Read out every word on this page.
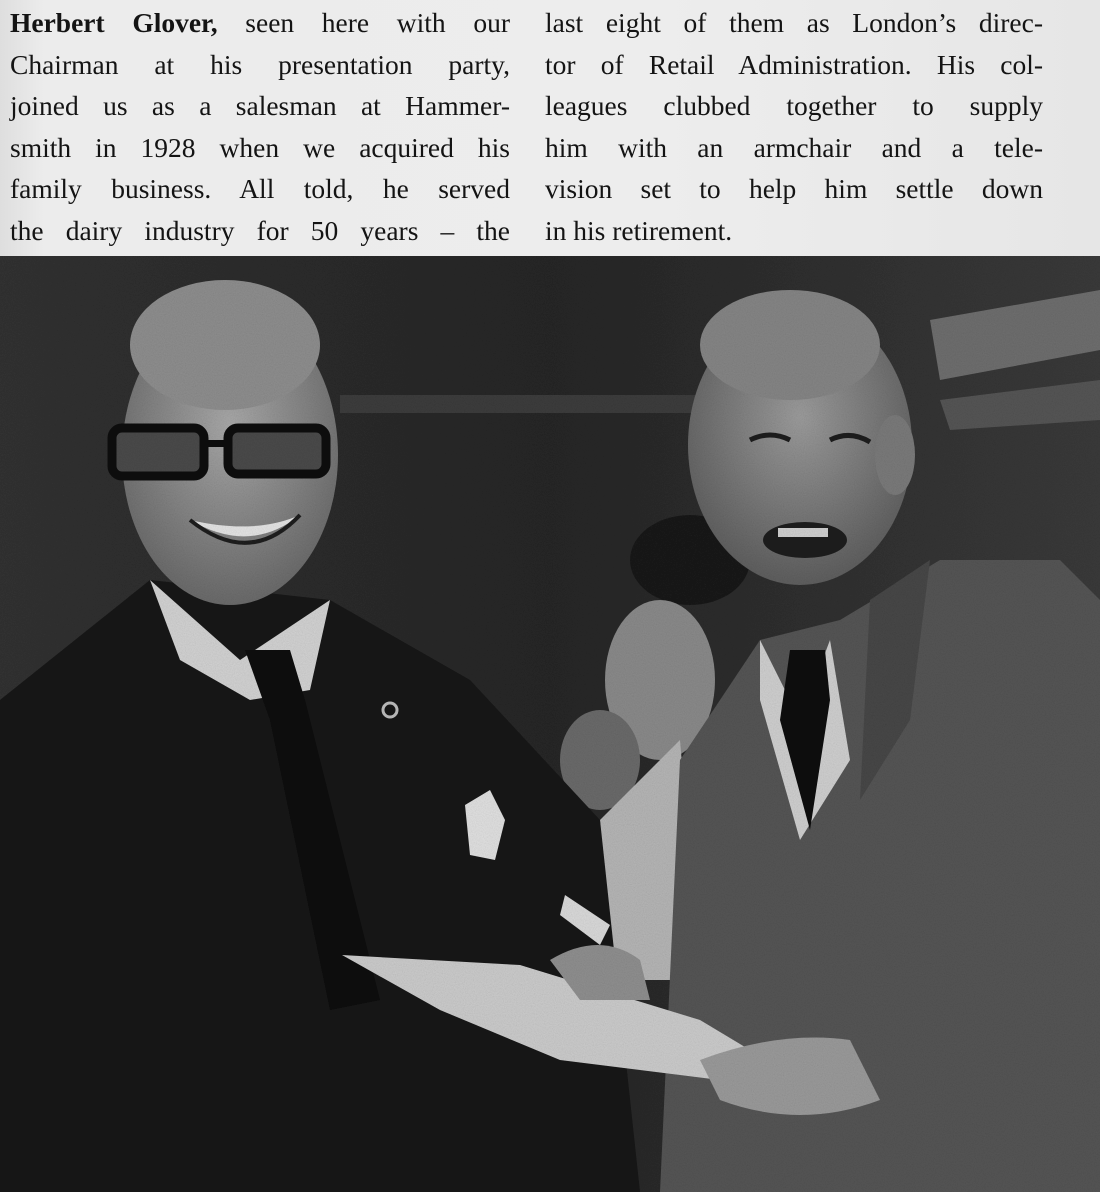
Herbert Glover, seen here with our
Chairman at his presentation party,
joined us as a salesman at Hammer-
smith in 1928 when we acquired his
family business. All told, he served
the dairy industry for 50 years – the
last eight of them as London’s direc-
tor of Retail Administration. His col-
leagues clubbed together to supply
him with an armchair and a tele-
vision set to help him settle down
in his retirement.
